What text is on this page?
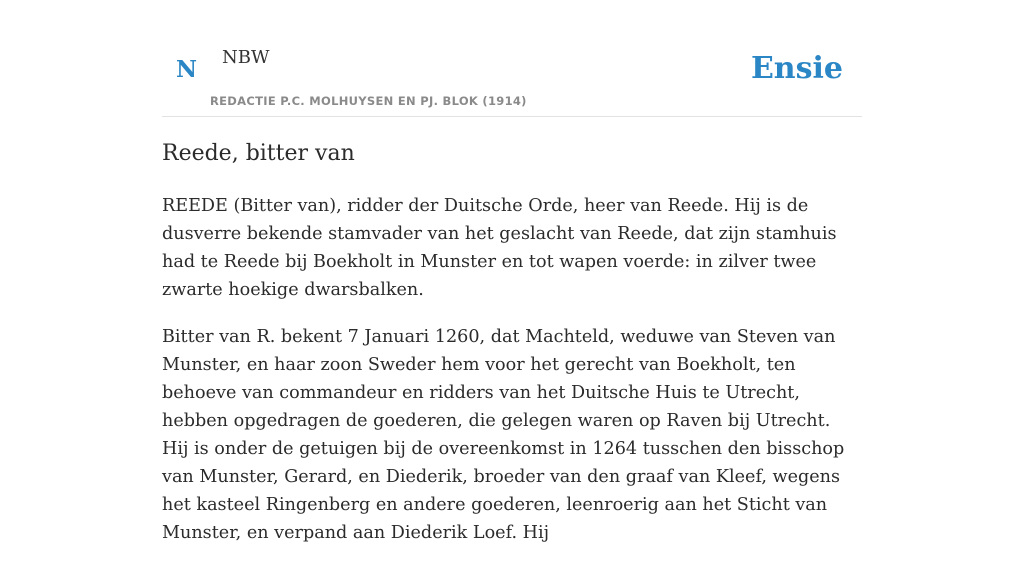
N NBW
REDACTIE P.C. MOLHUYSEN EN PJ. BLOK (1914)
Ensie
Reede, bitter van

REEDE (Bitter van), ridder der Duitsche Orde, heer van Reede. Hij is de dusverre bekende stamvader van het geslacht van Reede, dat zijn stamhuis had te Reede bij Boekholt in Munster en tot wapen voerde: in zilver twee zwarte hoekige dwarsbalken.

Bitter van R. bekent 7 Januari 1260, dat Machteld, weduwe van Steven van Munster, en haar zoon Sweder hem voor het gerecht van Boekholt, ten behoeve van commandeur en ridders van het Duitsche Huis te Utrecht, hebben opgedragen de goederen, die gelegen waren op Raven bij Utrecht. Hij is onder de getuigen bij de overeenkomst in 1264 tusschen den bisschop van Munster, Gerard, en Diederik, broeder van den graaf van Kleef, wegens het kasteel Ringenberg en andere goederen, leenroerig aan het Sticht van Munster, en verpand aan Diederik Loef. Hij
